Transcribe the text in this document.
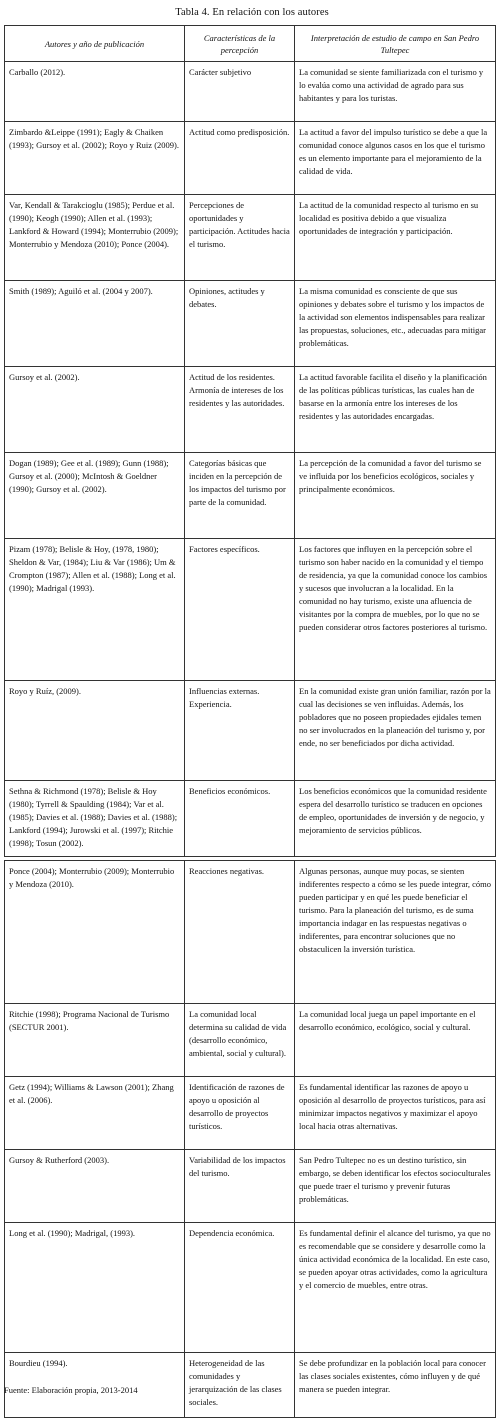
Tabla 4. En relación con los autores
Autores y año de publicación	Características de la percepción	Interpretación de estudio de campo en San Pedro Tultepec
Carballo (2012).	Carácter subjetivo	La comunidad se siente familiarizada con el turismo y lo evalúa como una actividad de agrado para sus habitantes y para los turistas.
Zimbardo &Leippe (1991); Eagly & Chaiken (1993); Gursoy et al. (2002); Royo y Ruiz (2009).	Actitud como predisposición.	La actitud a favor del impulso turístico se debe a que la comunidad conoce algunos casos en los que el turismo es un elemento importante para el mejoramiento de la calidad de vida.
Var, Kendall & Tarakcioglu (1985); Perdue et al. (1990); Keogh (1990); Allen et al. (1993); Lankford & Howard (1994); Monterrubio (2009); Monterrubio y Mendoza (2010); Ponce (2004).	Percepciones de oportunidades y participación. Actitudes hacia el turismo.	La actitud de la comunidad respecto al turismo en su localidad es positiva debido a que visualiza oportunidades de integración y participación.
Smith (1989); Aguiló et al. (2004 y 2007).	Opiniones, actitudes y debates.	La misma comunidad es consciente de que sus opiniones y debates sobre el turismo y los impactos de la actividad son elementos indispensables para realizar las propuestas, soluciones, etc., adecuadas para mitigar problemáticas.
Gursoy et al. (2002).	Actitud de los residentes. Armonía de intereses de los residentes y las autoridades.	La actitud favorable facilita el diseño y la planificación de las políticas públicas turísticas, las cuales han de basarse en la armonía entre los intereses de los residentes y las autoridades encargadas.
Dogan (1989); Gee et al. (1989); Gunn (1988); Gursoy et al. (2000); McIntosh & Goeldner (1990); Gursoy et al. (2002).	Categorías básicas que inciden en la percepción de los impactos del turismo por parte de la comunidad.	La percepción de la comunidad a favor del turismo se ve influida por los beneficios ecológicos, sociales y principalmente económicos.
Pizam (1978); Belisle & Hoy, (1978, 1980); Sheldon & Var, (1984); Liu & Var (1986); Um & Crompton (1987); Allen et al. (1988); Long et al. (1990); Madrigal (1993).	Factores específicos.	Los factores que influyen en la percepción sobre el turismo son haber nacido en la comunidad y el tiempo de residencia, ya que la comunidad conoce los cambios y sucesos que involucran a la localidad. En la comunidad no hay turismo, existe una afluencia de visitantes por la compra de muebles, por lo que no se pueden considerar otros factores posteriores al turismo.
Royo y Ruíz, (2009).	Influencias externas. Experiencia.	En la comunidad existe gran unión familiar, razón por la cual las decisiones se ven influidas. Además, los pobladores que no poseen propiedades ejidales temen no ser involucrados en la planeación del turismo y, por ende, no ser beneficiados por dicha actividad.
Sethna & Richmond (1978); Belisle & Hoy (1980); Tyrrell & Spaulding (1984); Var et al. (1985); Davies et al. (1988); Davies et al. (1988); Lankford (1994); Jurowski et al. (1997); Ritchie (1998); Tosun (2002).	Beneficios económicos.	Los beneficios económicos que la comunidad residente espera del desarrollo turístico se traducen en opciones de empleo, oportunidades de inversión y de negocio, y mejoramiento de servicios públicos.
Ponce (2004); Monterrubio (2009); Monterrubio y Mendoza (2010).	Reacciones negativas.	Algunas personas, aunque muy pocas, se sienten indiferentes respecto a cómo se les puede integrar, cómo pueden participar y en qué les puede beneficiar el turismo. Para la planeación del turismo, es de suma importancia indagar en las respuestas negativas o indiferentes, para encontrar soluciones que no obstaculicen la inversión turística.
Ritchie (1998); Programa Nacional de Turismo (SECTUR 2001).	La comunidad local determina su calidad de vida (desarrollo económico, ambiental, social y cultural).	La comunidad local juega un papel importante en el desarrollo económico, ecológico, social y cultural.
Getz (1994); Williams & Lawson (2001); Zhang et al. (2006).	Identificación de razones de apoyo u oposición al desarrollo de proyectos turísticos.	Es fundamental identificar las razones de apoyo u oposición al desarrollo de proyectos turísticos, para así minimizar impactos negativos y maximizar el apoyo local hacia otras alternativas.
Gursoy & Rutherford (2003).	Variabilidad de los impactos del turismo.	San Pedro Tultepec no es un destino turístico, sin embargo, se deben identificar los efectos socioculturales que puede traer el turismo y prevenir futuras problemáticas.
Long et al. (1990); Madrigal, (1993).	Dependencia económica.	Es fundamental definir el alcance del turismo, ya que no es recomendable que se considere y desarrolle como la única actividad económica de la localidad. En este caso, se pueden apoyar otras actividades, como la agricultura y el comercio de muebles, entre otras.
Bourdieu (1994).	Heterogeneidad de las comunidades y jerarquización de las clases sociales.	Se debe profundizar en la población local para conocer las clases sociales existentes, cómo influyen y de qué manera se pueden integrar.
Fuente: Elaboración propia, 2013-2014
